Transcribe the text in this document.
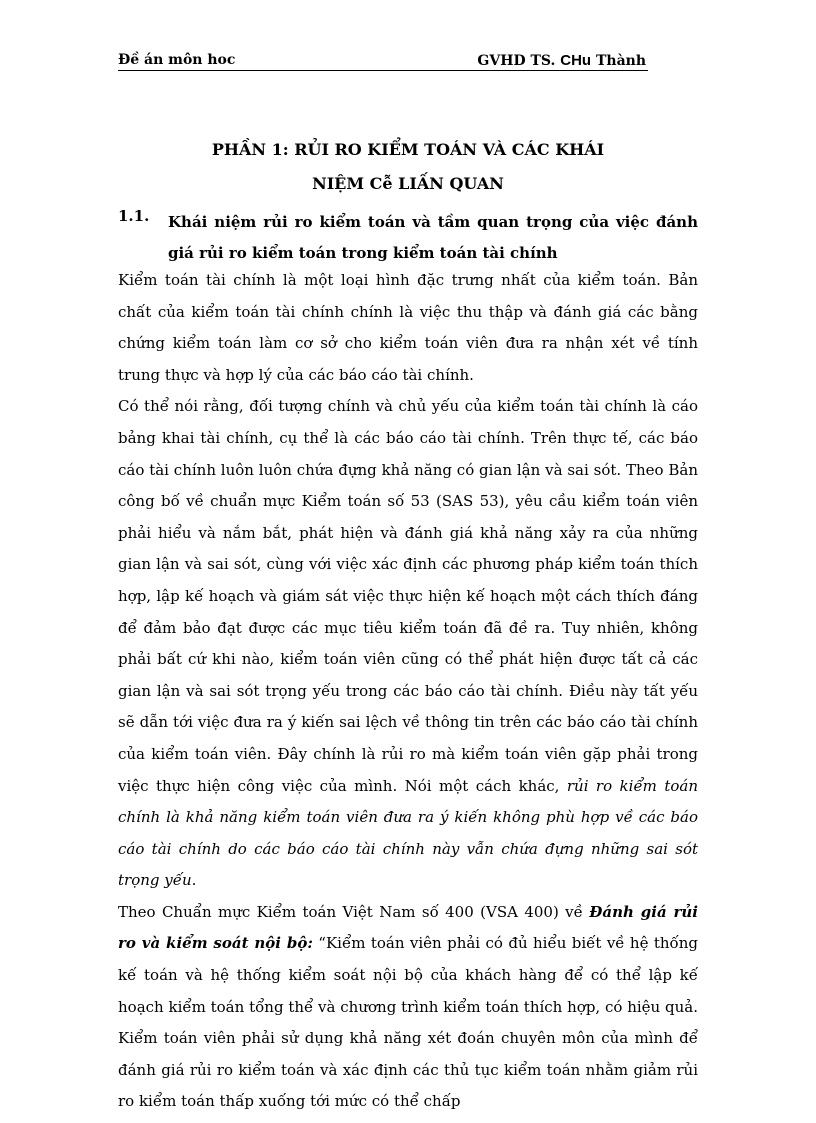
Đề án môn hoc	GVHD TS. CHu Thành
PHẦN 1: RỦI RO KIỂM TOÁN VÀ CÁC KHÁI
NIỆM Cễ LIẤN QUAN
1.1. Khái niệm rủi ro kiểm toán và tầm quan trọng của việc đánh giá rủi ro kiểm toán trong kiểm toán tài chính

Kiểm toán tài chính là một loại hình đặc trưng nhất của kiểm toán. Bản chất của kiểm toán tài chính chính là việc thu thập và đánh giá các bằng chứng kiểm toán làm cơ sở cho kiểm toán viên đưa ra nhận xét về tính trung thực và hợp lý của các báo cáo tài chính.

Có thể nói rằng, đối tượng chính và chủ yếu của kiểm toán tài chính là cáo bảng khai tài chính, cụ thể là các báo cáo tài chính. Trên thực tế, các báo cáo tài chính luôn luôn chứa đựng khả năng có gian lận và sai sót. Theo Bản công bố về chuẩn mực Kiểm toán số 53 (SAS 53), yêu cầu kiểm toán viên phải hiểu và nắm bắt, phát hiện và đánh giá khả năng xảy ra của những gian lận và sai sót, cùng với việc xác định các phương pháp kiểm toán thích hợp, lập kế hoạch và giám sát việc thực hiện kế hoạch một cách thích đáng để đảm bảo đạt được các mục tiêu kiểm toán đã đề ra. Tuy nhiên, không phải bất cứ khi nào, kiểm toán viên cũng có thể phát hiện được tất cả các gian lận và sai sót trọng yếu trong các báo cáo tài chính. Điều này tất yếu sẽ dẫn tới việc đưa ra ý kiến sai lệch về thông tin trên các báo cáo tài chính của kiểm toán viên. Đây chính là rủi ro mà kiểm toán viên gặp phải trong việc thực hiện công việc của mình. Nói một cách khác, rủi ro kiểm toán chính là khả năng kiểm toán viên đưa ra ý kiến không phù hợp về các báo cáo tài chính do các báo cáo tài chính này vẫn chứa đựng những sai sót trọng yếu.

Theo Chuẩn mực Kiểm toán Việt Nam số 400 (VSA 400) về Đánh giá rủi ro và kiểm soát nội bộ: “Kiểm toán viên phải có đủ hiểu biết về hệ thống kế toán và hệ thống kiểm soát nội bộ của khách hàng để có thể lập kế hoạch kiểm toán tổng thể và chương trình kiểm toán thích hợp, có hiệu quả. Kiểm toán viên phải sử dụng khả năng xét đoán chuyên môn của mình để đánh giá rủi ro kiểm toán và xác định các thủ tục kiểm toán nhằm giảm rủi ro kiểm toán thấp xuống tới mức có thể chấp
